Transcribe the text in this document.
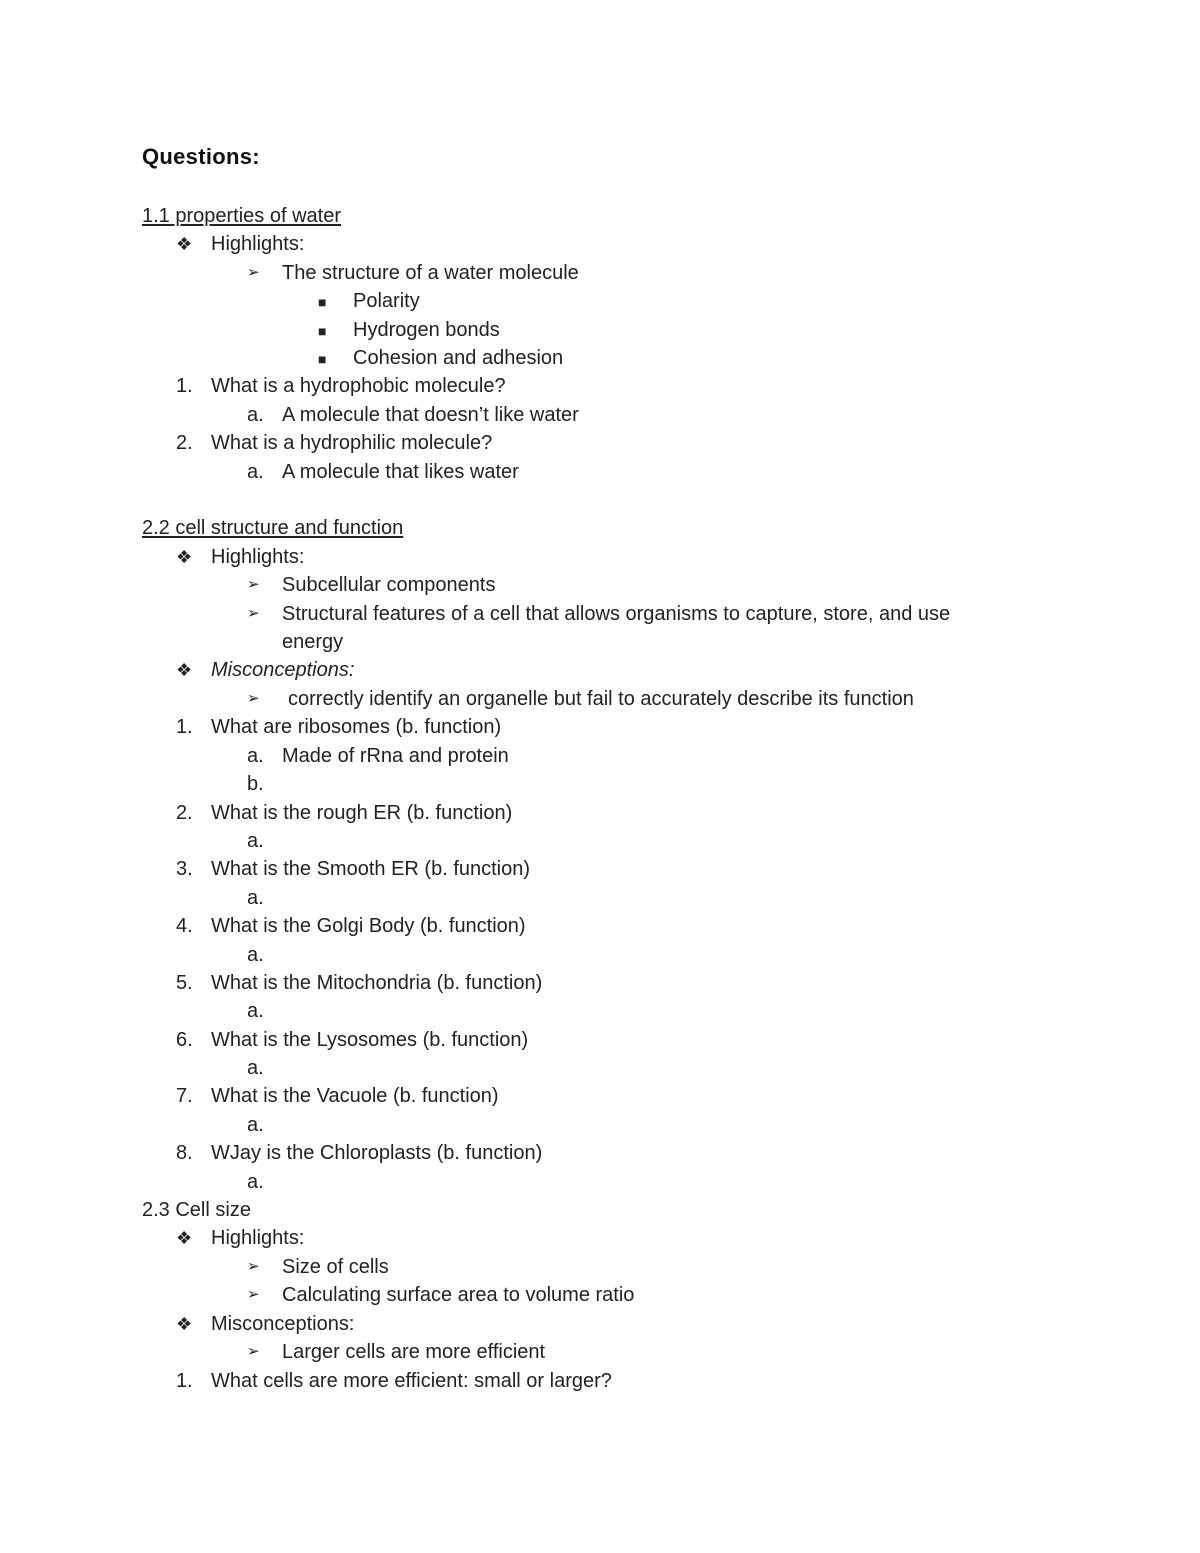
Questions:
1.1 properties of water
❖ Highlights:
➢ The structure of a water molecule
■ Polarity
■ Hydrogen bonds
■ Cohesion and adhesion
1. What is a hydrophobic molecule?
a. A molecule that doesn’t like water
2. What is a hydrophilic molecule?
a. A molecule that likes water
2.2 cell structure and function
❖ Highlights:
➢ Subcellular components
➢ Structural features of a cell that allows organisms to capture, store, and use
energy
❖ Misconceptions:
➢ correctly identify an organelle but fail to accurately describe its function
1. What are ribosomes (b. function)
a. Made of rRna and protein
b.
2. What is the rough ER (b. function)
a.
3. What is the Smooth ER (b. function)
a.
4. What is the Golgi Body (b. function)
a.
5. What is the Mitochondria (b. function)
a.
6. What is the Lysosomes (b. function)
a.
7. What is the Vacuole (b. function)
a.
8. WJay is the Chloroplasts (b. function)
a.
2.3 Cell size
❖ Highlights:
➢ Size of cells
➢ Calculating surface area to volume ratio
❖ Misconceptions:
➢ Larger cells are more efficient
1. What cells are more efficient: small or larger?
